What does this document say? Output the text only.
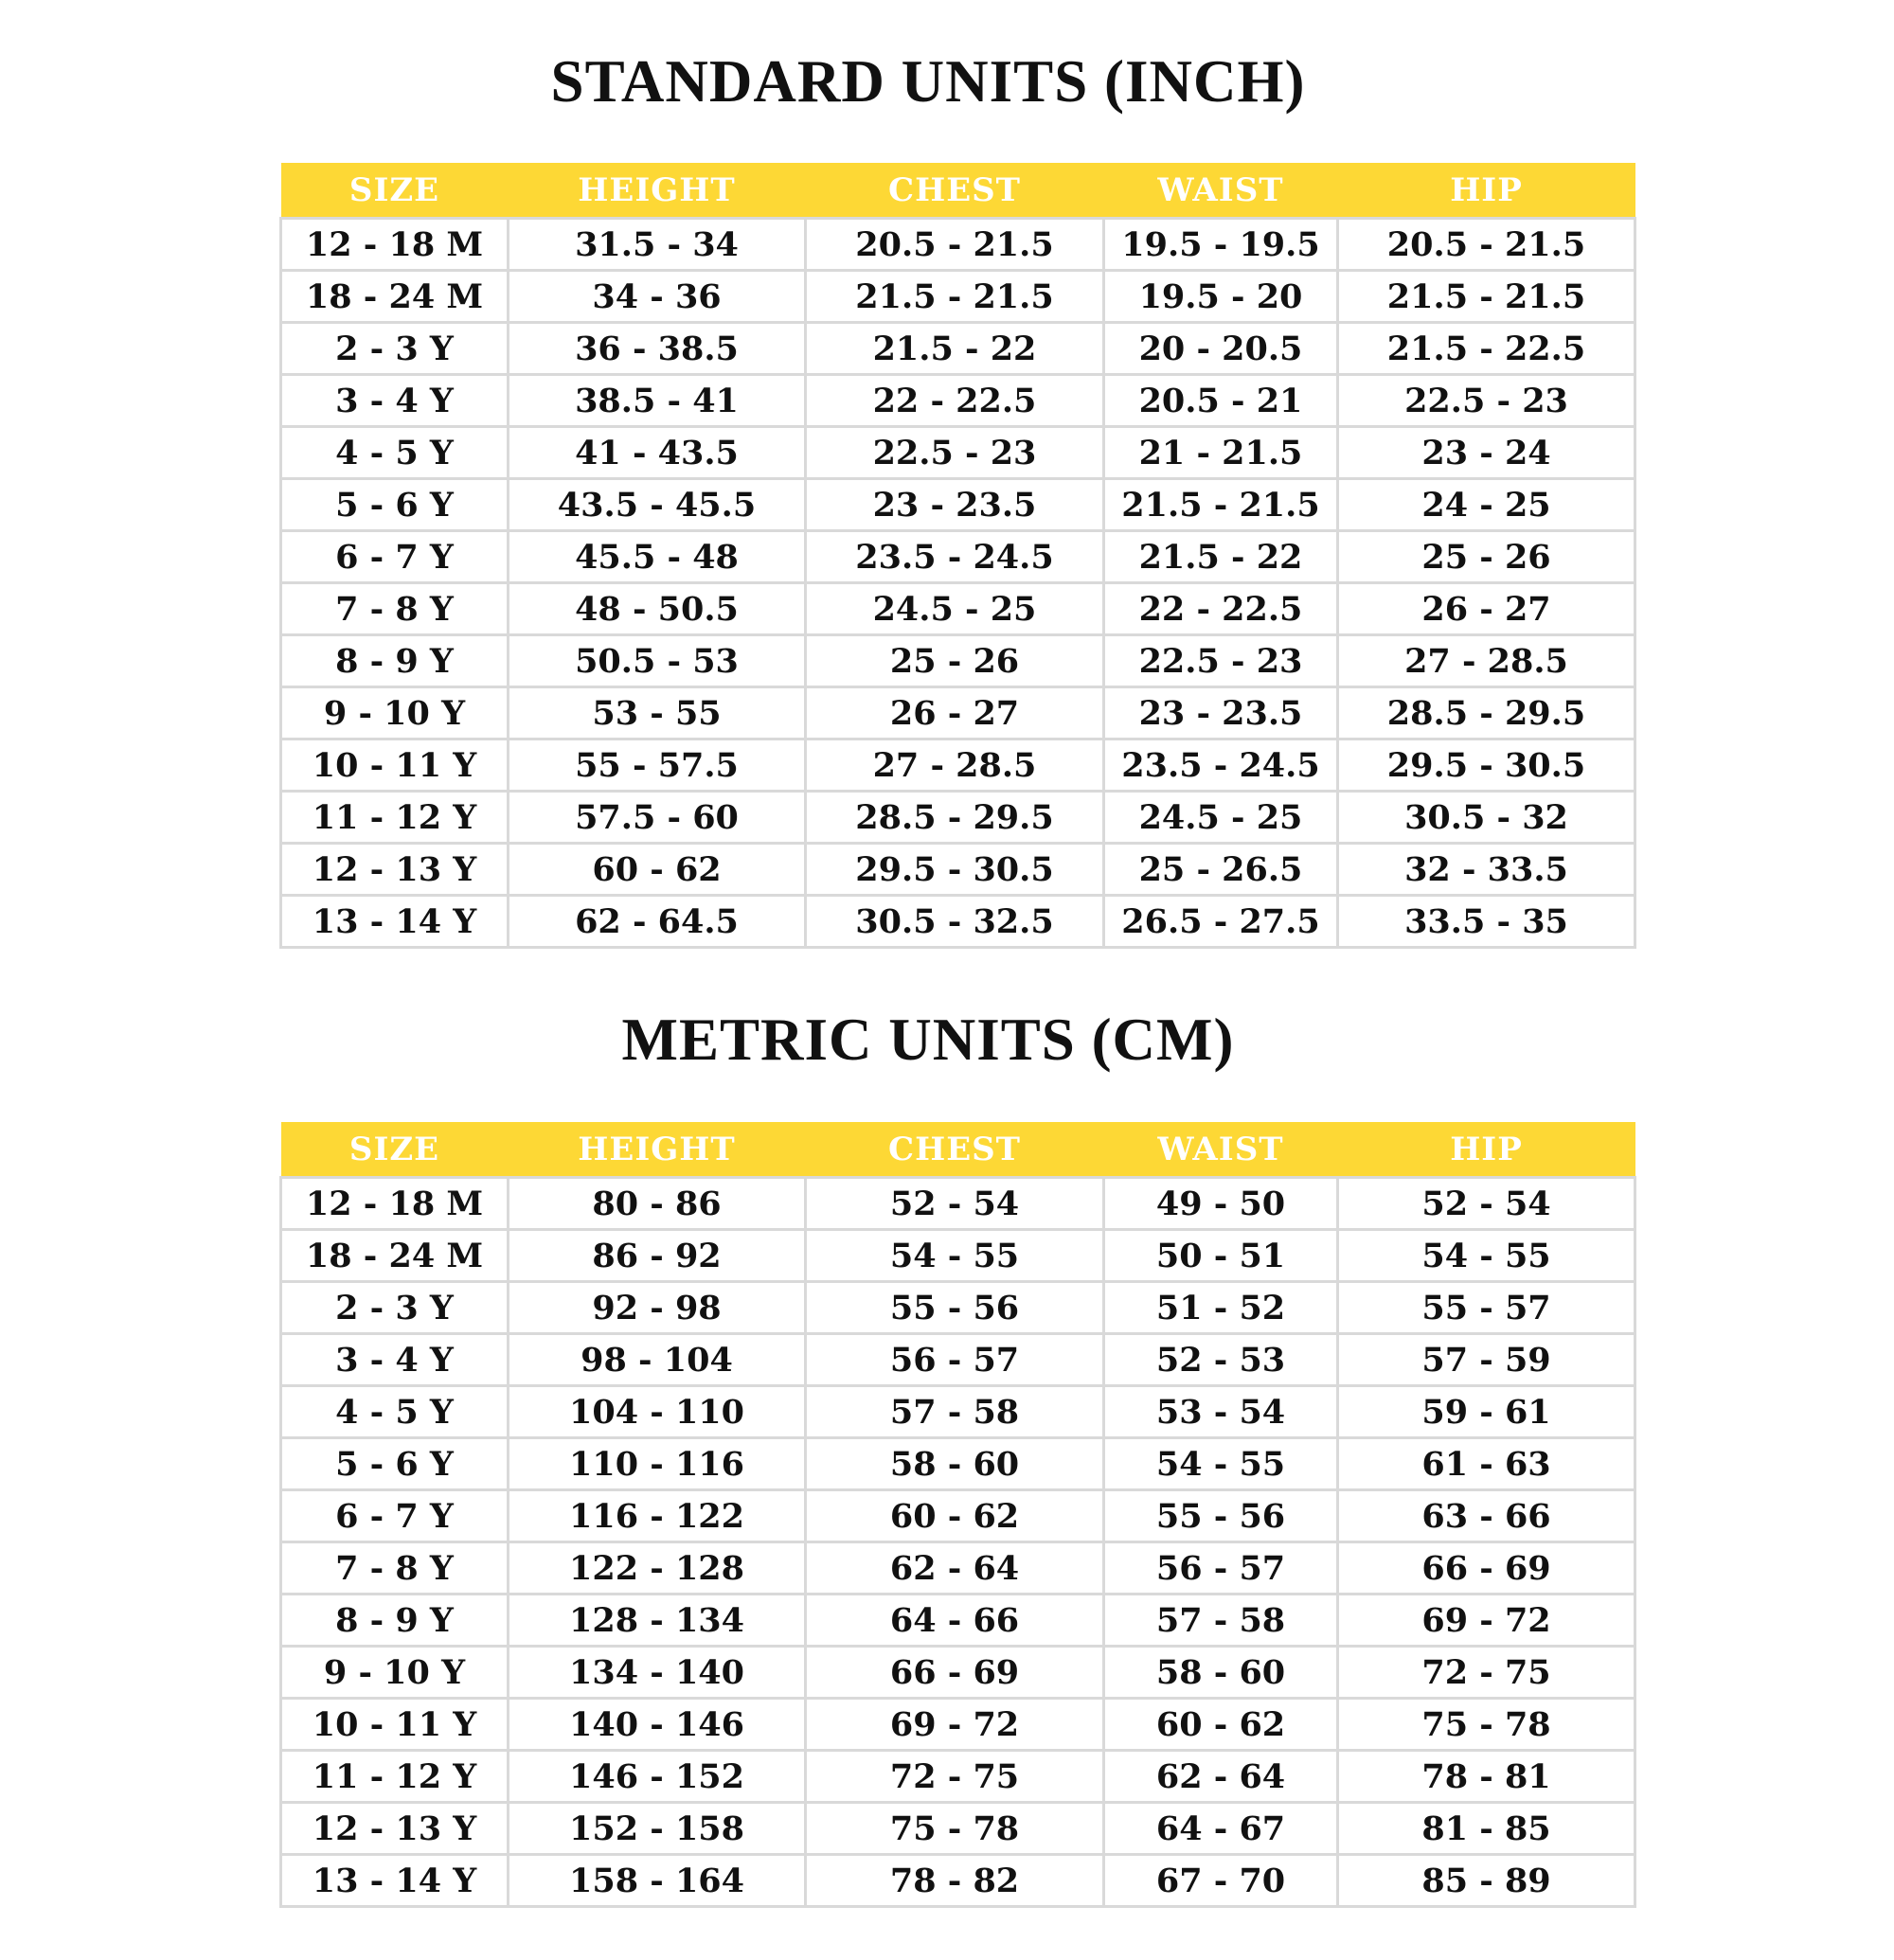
STANDARD UNITS (INCH)
SIZE	HEIGHT	CHEST	WAIST	HIP
12 - 18 M	31.5 - 34	20.5 - 21.5	19.5 - 19.5	20.5 - 21.5
18 - 24 M	34 - 36	21.5 - 21.5	19.5 - 20	21.5 - 21.5
2 - 3 Y	36 - 38.5	21.5 - 22	20 - 20.5	21.5 - 22.5
3 - 4 Y	38.5 - 41	22 - 22.5	20.5 - 21	22.5 - 23
4 - 5 Y	41 - 43.5	22.5 - 23	21 - 21.5	23 - 24
5 - 6 Y	43.5 - 45.5	23 - 23.5	21.5 - 21.5	24 - 25
6 - 7 Y	45.5 - 48	23.5 - 24.5	21.5 - 22	25 - 26
7 - 8 Y	48 - 50.5	24.5 - 25	22 - 22.5	26 - 27
8 - 9 Y	50.5 - 53	25 - 26	22.5 - 23	27 - 28.5
9 - 10 Y	53 - 55	26 - 27	23 - 23.5	28.5 - 29.5
10 - 11 Y	55 - 57.5	27 - 28.5	23.5 - 24.5	29.5 - 30.5
11 - 12 Y	57.5 - 60	28.5 - 29.5	24.5 - 25	30.5 - 32
12 - 13 Y	60 - 62	29.5 - 30.5	25 - 26.5	32 - 33.5
13 - 14 Y	62 - 64.5	30.5 - 32.5	26.5 - 27.5	33.5 - 35
METRIC UNITS (CM)
SIZE	HEIGHT	CHEST	WAIST	HIP
12 - 18 M	80 - 86	52 - 54	49 - 50	52 - 54
18 - 24 M	86 - 92	54 - 55	50 - 51	54 - 55
2 - 3 Y	92 - 98	55 - 56	51 - 52	55 - 57
3 - 4 Y	98 - 104	56 - 57	52 - 53	57 - 59
4 - 5 Y	104 - 110	57 - 58	53 - 54	59 - 61
5 - 6 Y	110 - 116	58 - 60	54 - 55	61 - 63
6 - 7 Y	116 - 122	60 - 62	55 - 56	63 - 66
7 - 8 Y	122 - 128	62 - 64	56 - 57	66 - 69
8 - 9 Y	128 - 134	64 - 66	57 - 58	69 - 72
9 - 10 Y	134 - 140	66 - 69	58 - 60	72 - 75
10 - 11 Y	140 - 146	69 - 72	60 - 62	75 - 78
11 - 12 Y	146 - 152	72 - 75	62 - 64	78 - 81
12 - 13 Y	152 - 158	75 - 78	64 - 67	81 - 85
13 - 14 Y	158 - 164	78 - 82	67 - 70	85 - 89
